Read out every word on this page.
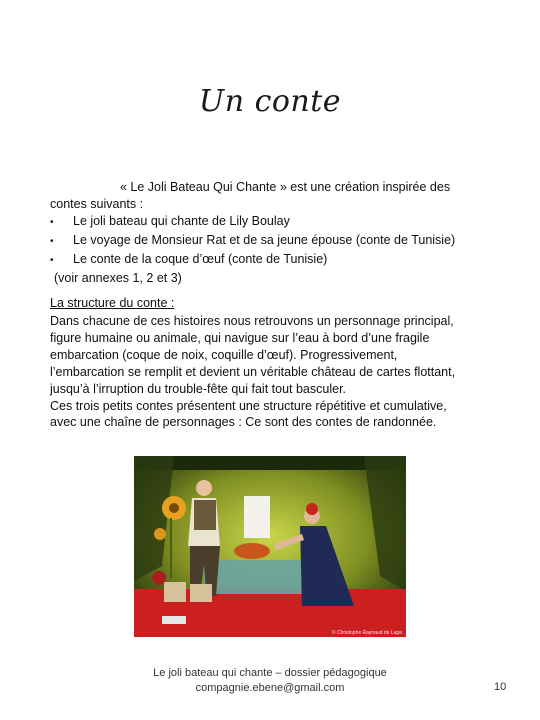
Un conte
« Le Joli Bateau Qui Chante » est une création inspirée des
contes suivants :
• Le joli bateau qui chante de Lily Boulay
• Le voyage de Monsieur Rat et de sa jeune épouse (conte de Tunisie)
• Le conte de la coque d’œuf (conte de Tunisie)
(voir annexes 1, 2 et 3)
La structure du conte :
Dans chacune de ces histoires nous retrouvons un personnage principal,
figure humaine ou animale, qui navigue sur l’eau à bord d’une fragile
embarcation (coque de noix, coquille d’œuf). Progressivement,
l’embarcation se remplit et devient un véritable château de cartes flottant,
jusqu’à l’irruption du trouble-fête qui fait tout basculer.
Ces trois petits contes présentent une structure répétitive et cumulative,
avec une chaîne de personnages : Ce sont des contes de randonnée.
© Christophe Raynaud de Lage
Le joli bateau qui chante – dossier pédagogique
compagnie.ebene@gmail.com	10
